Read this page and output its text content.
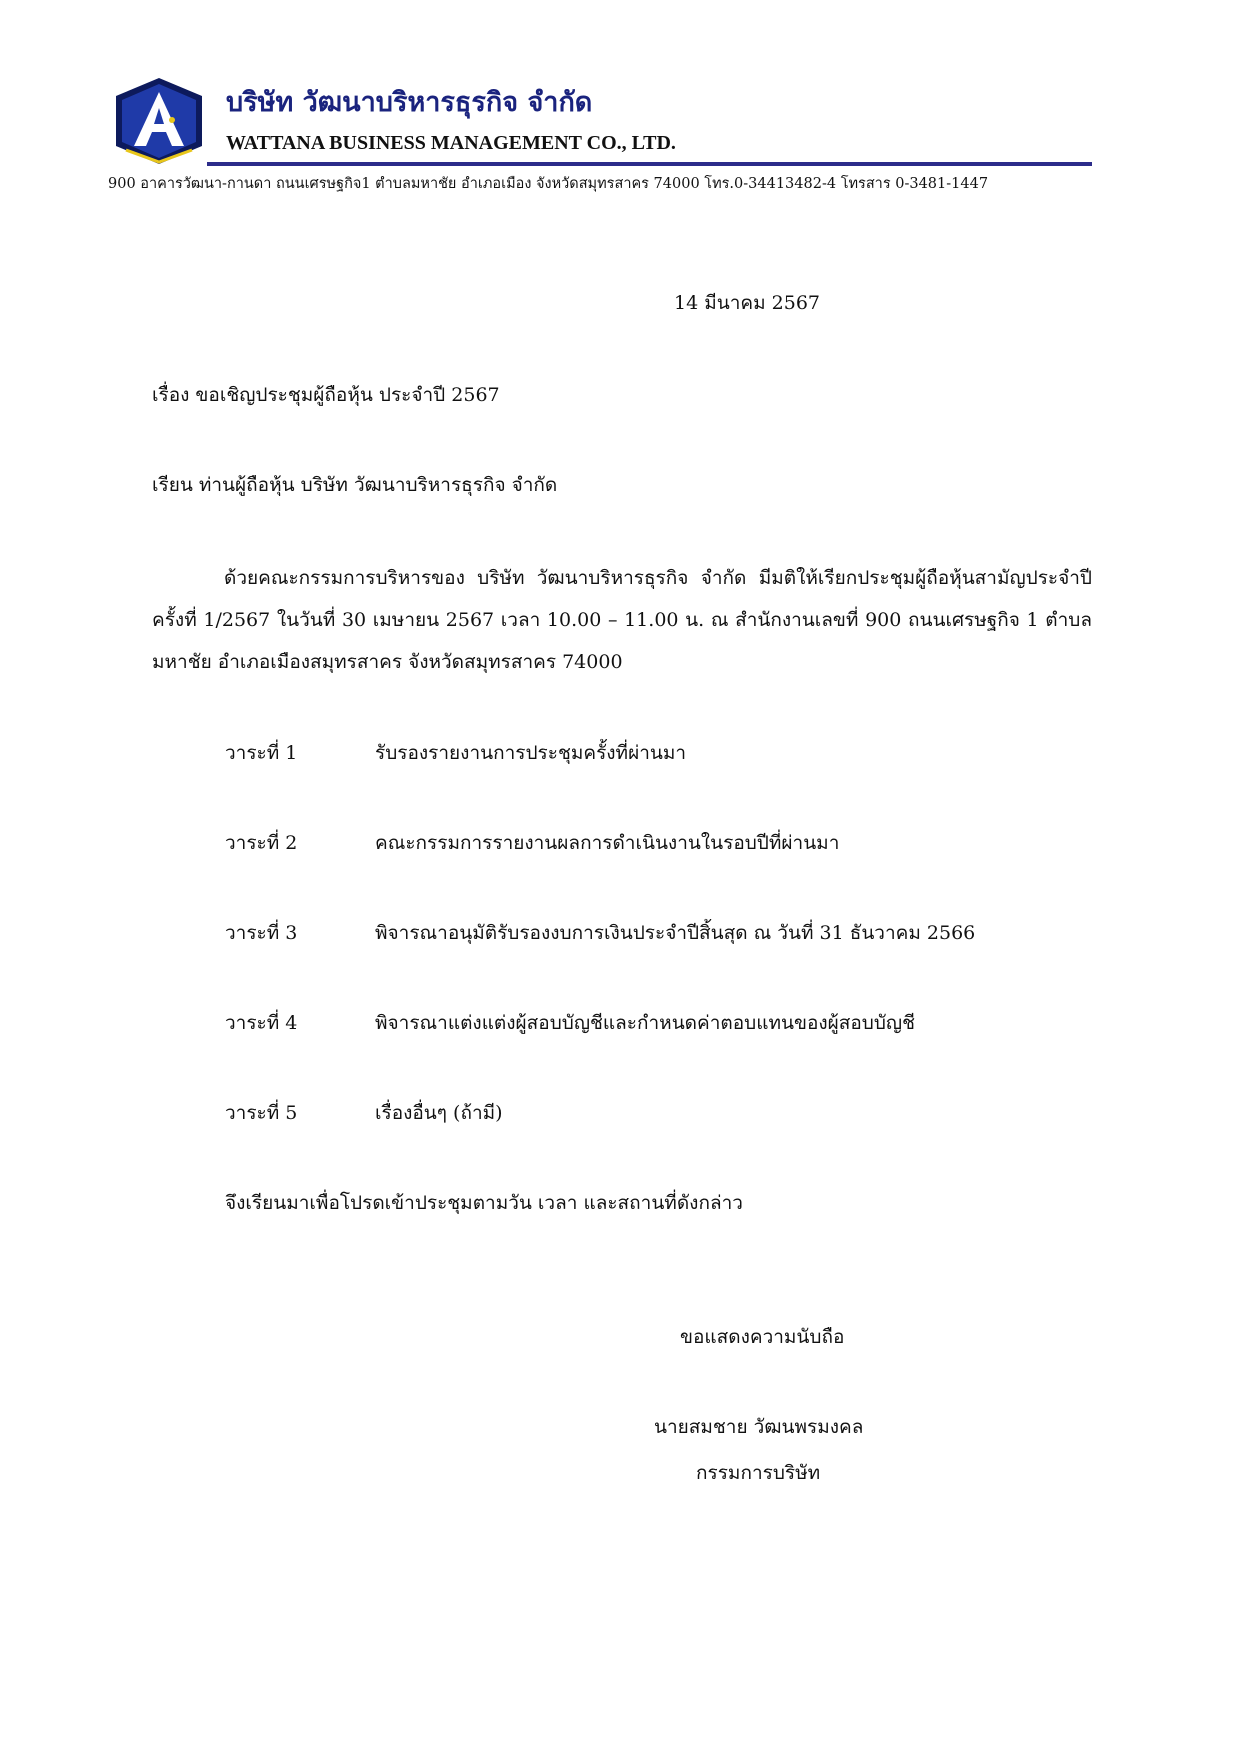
บริษัท วัฒนาบริหารธุรกิจ จำกัด
WATTANA BUSINESS MANAGEMENT CO., LTD.
900 อาคารวัฒนา-กานดา ถนนเศรษฐกิจ1 ตำบลมหาชัย อำเภอเมือง จังหวัดสมุทรสาคร 74000 โทร.0-34413482-4 โทรสาร 0-3481-1447
14 มีนาคม 2567
เรื่อง ขอเชิญประชุมผู้ถือหุ้น ประจำปี 2567
เรียน ท่านผู้ถือหุ้น บริษัท วัฒนาบริหารธุรกิจ จำกัด
ด้วยคณะกรรมการบริหารของ บริษัท วัฒนาบริหารธุรกิจ จำกัด มีมติให้เรียกประชุมผู้ถือหุ้นสามัญประจำปี ครั้งที่ 1/2567 ในวันที่ 30 เมษายน 2567 เวลา 10.00 – 11.00 น. ณ สำนักงานเลขที่ 900 ถนนเศรษฐกิจ 1 ตำบลมหาชัย อำเภอเมืองสมุทรสาคร จังหวัดสมุทรสาคร 74000
วาระที่ 1	รับรองรายงานการประชุมครั้งที่ผ่านมา
วาระที่ 2	คณะกรรมการรายงานผลการดำเนินงานในรอบปีที่ผ่านมา
วาระที่ 3	พิจารณาอนุมัติรับรองงบการเงินประจำปีสิ้นสุด ณ วันที่ 31 ธันวาคม 2566
วาระที่ 4	พิจารณาแต่งแต่งผู้สอบบัญชีและกำหนดค่าตอบแทนของผู้สอบบัญชี
วาระที่ 5	เรื่องอื่นๆ (ถ้ามี)
จึงเรียนมาเพื่อโปรดเข้าประชุมตามวัน เวลา และสถานที่ดังกล่าว
ขอแสดงความนับถือ
นายสมชาย วัฒนพรมงคล
กรรมการบริษัท
